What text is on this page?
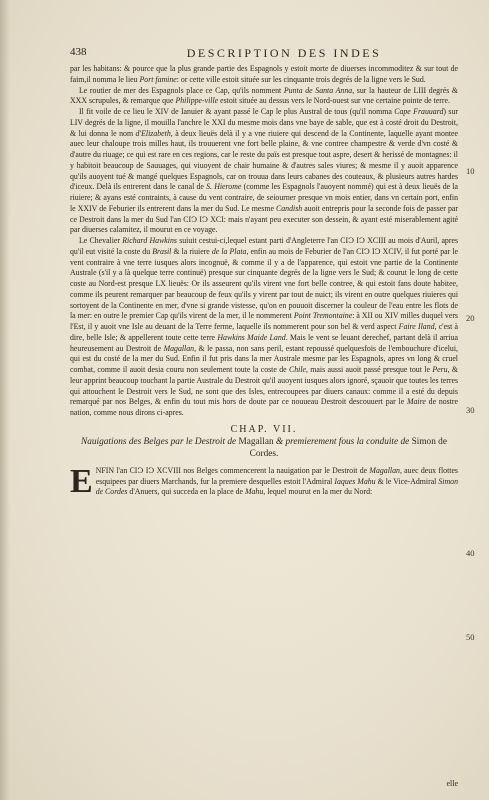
438	DESCRIPTION DES INDES
10
20
30
40
50

par les habitans: & pource que la plus grande partie des Espagnols y estoit morte de diuerses incommoditez & sur tout de faim,il nomma le lieu Port famine: or cette ville estoit située sur les cinquante trois degrés de la ligne vers le Sud.

Le routier de mer des Espagnols place ce Cap, qu'ils nomment Punta de Santa Anna, sur la hauteur de LIII degrés & XXX scrupules, & remarque que Philippe-ville estoit située au dessus vers le Nord-ouest sur vne certaine pointe de terre.

Il fit voile de ce lieu le XIV de Ianuier & ayant passé le Cap le plus Austral de tous (qu'il nomma Cape Frauuard) sur LIV degrés de la ligne, il mouilla l'anchre le XXI du mesme mois dans vne baye de sable, que est à costé droit du Destroit, & lui donna le nom d'Elizabeth, à deux lieuës delà il y a vne riuiere qui descend de la Continente, laquelle ayant montee auec leur chaloupe trois milles haut, ils trouuerent vne fort belle plaine, & vne contree champestre & verde d'vn costé & d'autre du riuage; ce qui est rare en ces regions, car le reste du païs est presque tout aspre, desert & herissé de montagnes: il y habitoit beaucoup de Sauuages, qui viuoyent de chair humaine & d'autres sales viures; & mesme il y auoit apparence qu'ils auoyent tué & mangé quelques Espagnols, car on trouua dans leurs cabanes des couteaux, & plusieurs autres hardes d'iceux. Delà ils entrerent dans le canal de S. Hierome (comme les Espagnols l'auoyent nommé) qui est à deux lieuës de la riuiere; & ayans esté contraints, à cause du vent contraire, de seiourner presque vn mois entier, dans vn certain port, enfin le XXIV de Feburier ils entrerent dans la mer du Sud. Le mesme Candish auoit entrepris pour la seconde fois de passer par ce Destroit dans la mer du Sud l'an CIↃ IↃ XCI: mais n'ayant peu executer son dessein, & ayant esté miserablement agité par diuerses calamitez, il mourut en ce voyage.

Le Chevalier Richard Hawkins suiuit cestui-ci,lequel estant parti d'Angleterre l'an CIↃ IↃ XCIII au mois d'Auril, apres qu'il eut visité la coste du Brasil & la riuiere de la Plata, enfin au mois de Feburier de l'an CIↃ IↃ XCIV, il fut porté par le vent contraire à vne terre iusques alors incognuë, & comme il y a de l'apparence, qui estoit vne partie de la Continente Australe (s'il y a là quelque terre continuë) presque sur cinquante degrés de la ligne vers le Sud; & courut le long de cette coste au Nord-est presque LX lieuës: Or ils asseurent qu'ils virent vne fort belle contree, & qui estoit fans doute habitee, comme ils peurent remarquer par beaucoup de feux qu'ils y virent par tout de nuict; ils virent en outre quelques riuieres qui sortoyent de la Continente en mer, d'vne si grande vistesse, qu'on en pouuoit discerner la couleur de l'eau entre les flots de la mer: en outre le premier Cap qu'ils virent de la mer, il le nommerent Point Tremontaine: à XII ou XIV milles duquel vers l'Est, il y auoit vne Isle au deuant de la Terre ferme, laquelle ils nommerent pour son bel & verd aspect Faire Iland, c'est à dire, belle Isle; & appellerent toute cette terre Hawkins Maide Land. Mais le vent se leuant derechef, partant delà il arriua heureusement au Destroit de Magallan, & le passa, non sans peril, estant repoussé quelquesfois de l'embouchure d'icelui, qui est du costé de la mer du Sud. Enfin il fut pris dans la mer Australe mesme par les Espagnols, apres vn long & cruel combat, comme il auoit desia couru non seulement toute la coste de Chile, mais aussi auoit passé presque tout le Peru, & leur apprint beaucoup touchant la partie Australe du Destroit qu'il auoyent iusques alors ignoré, sçauoir que toutes les terres qui attouchent le Destroit vers le Sud, ne sont que des Isles, entrecoupees par diuers canaux: comme il a esté du depuis remarqué par nos Belges, & enfin du tout mis hors de doute par ce nouueau Destroit descouuert par le Maire de nostre nation, comme nous dirons ci-apres.

CHAP. VII.
Nauigations des Belges par le Destroit de Magallan & premierement fous la conduite de Simon de Cordes.

ENFIN l'an CIↃ IↃ XCVIII nos Belges commencerent la nauigation par le Destroit de Magallan, auec deux flottes esquipees par diuers Marchands, fur la premiere desquelles estoit l'Admiral Iaques Mahu & le Vice-Admiral Simon de Cordes d'Anuers, qui succeda en la place de Mahu, lequel mourut en la mer du Nord:

elle
